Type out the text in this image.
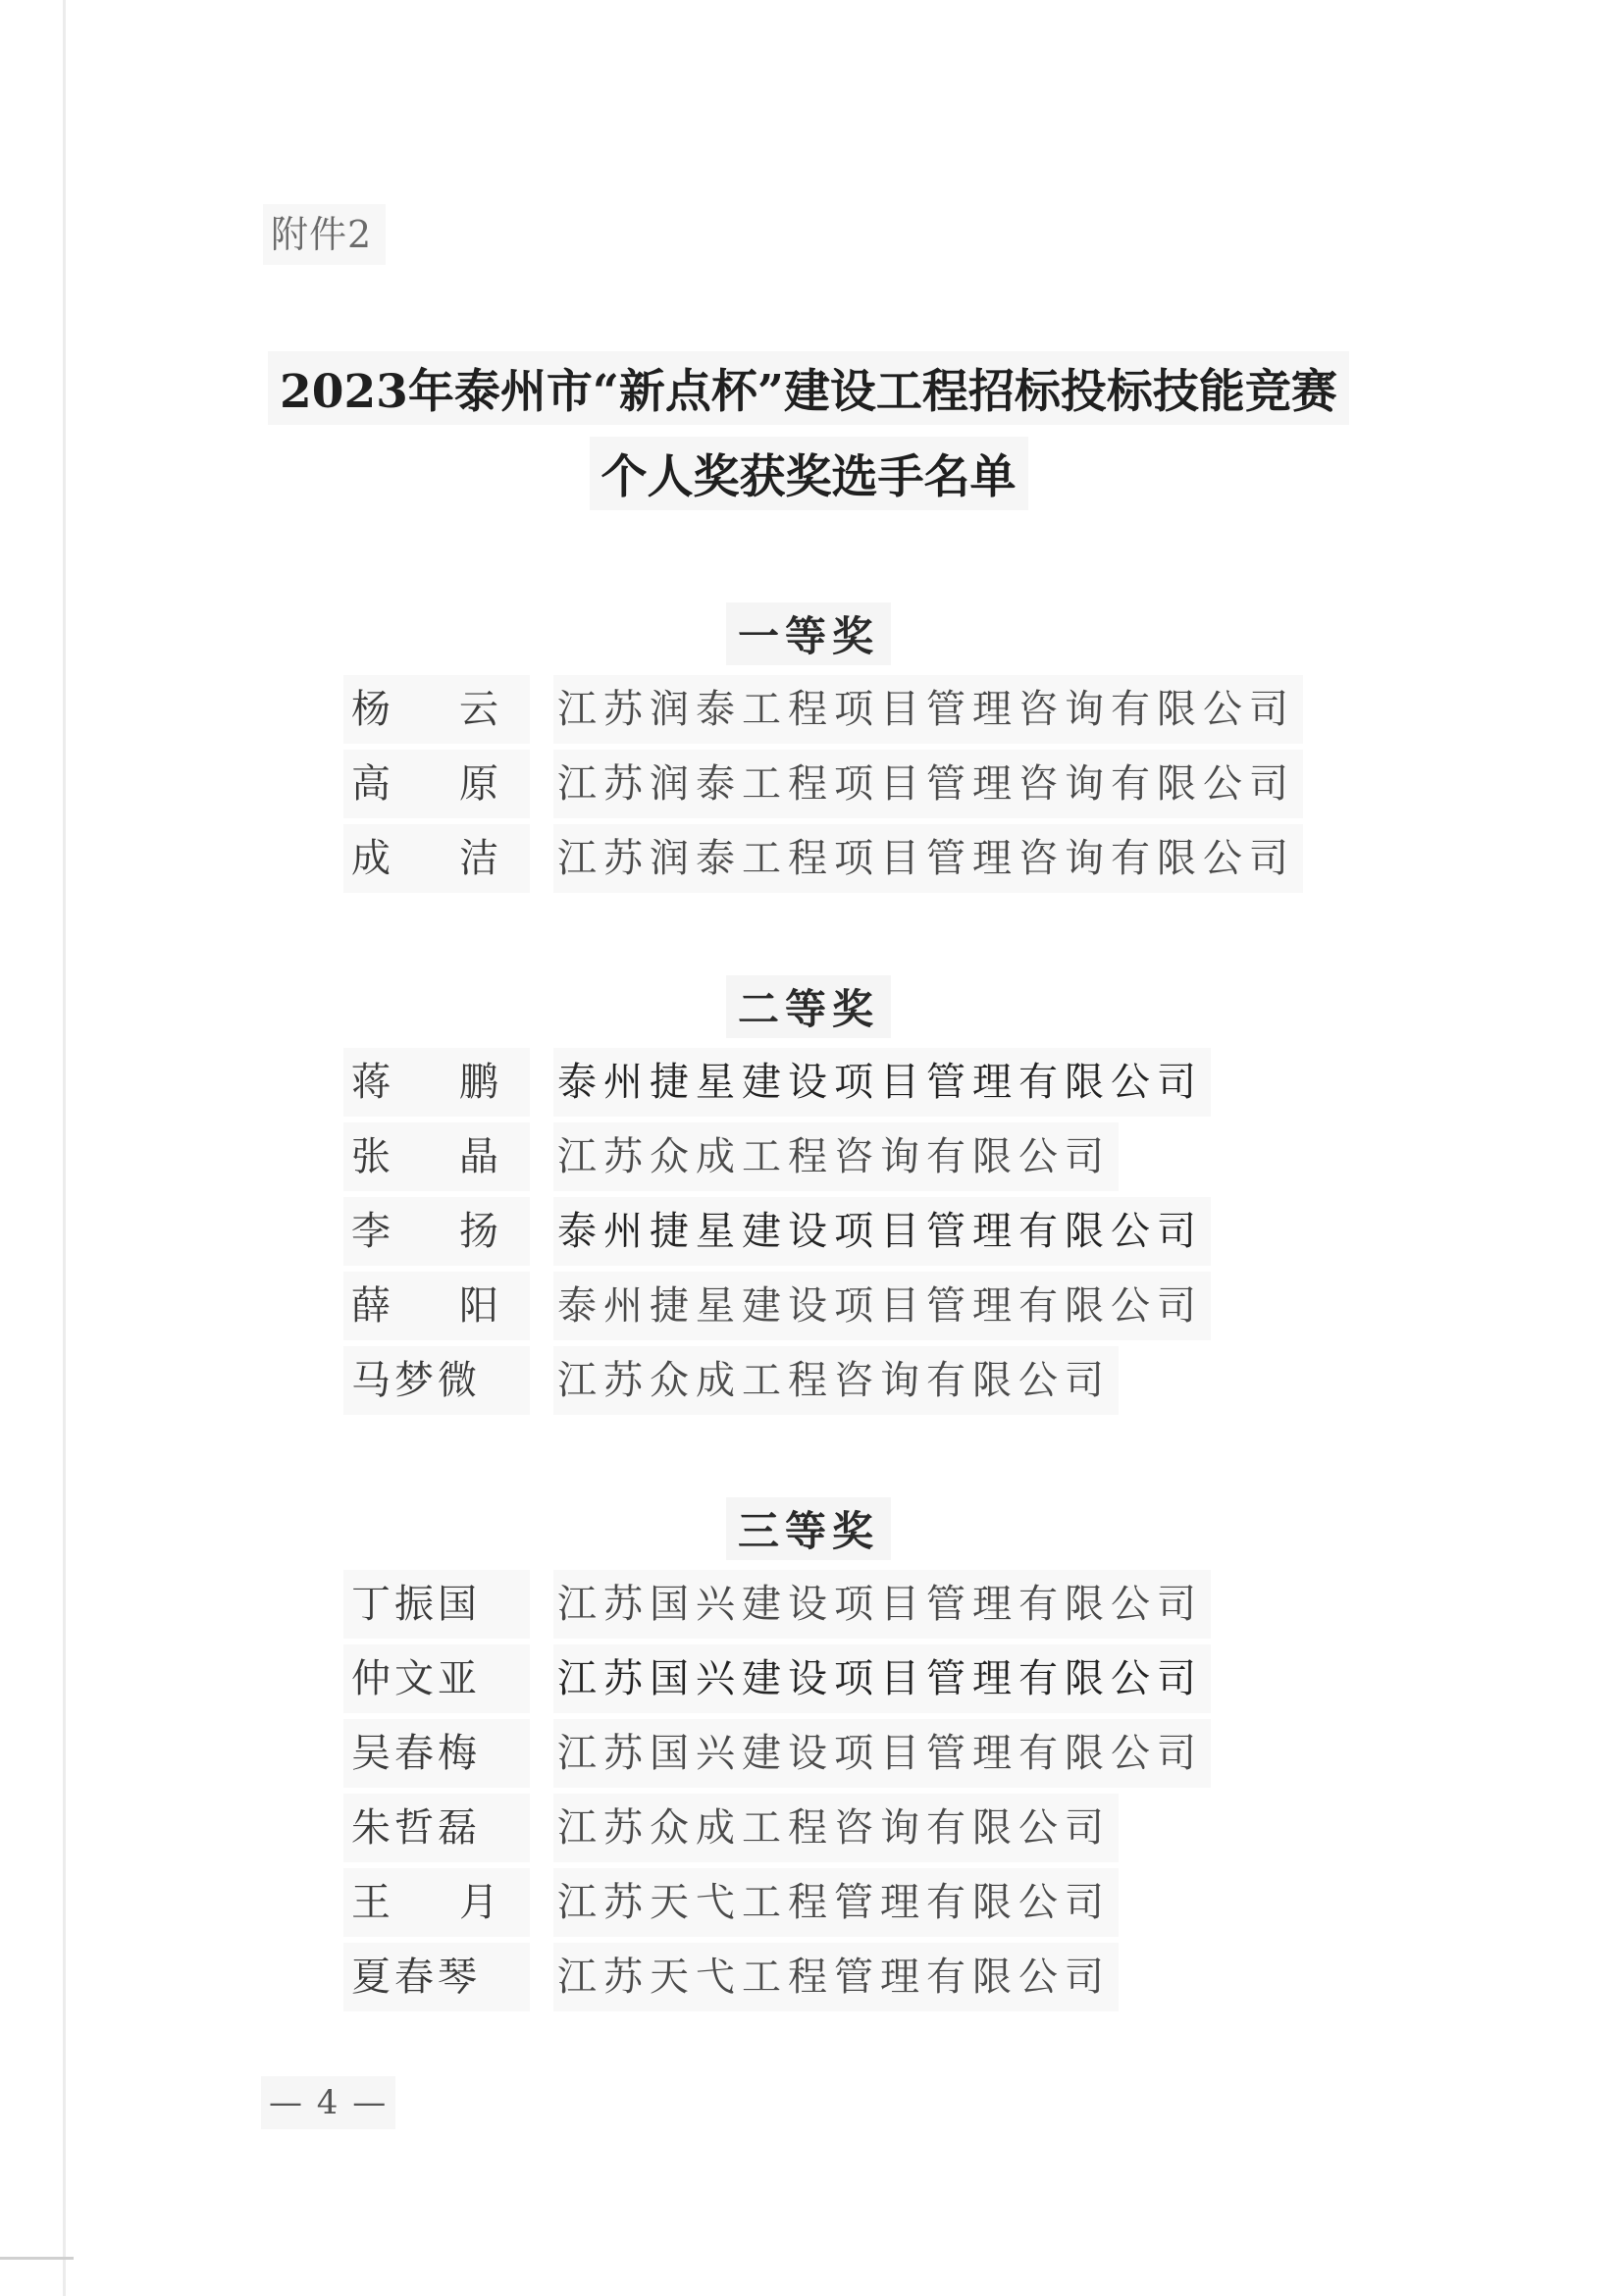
附件2
2023年泰州市“新点杯”建设工程招标投标技能竞赛
个人奖获奖选手名单
一等奖
杨 云 江苏润泰工程项目管理咨询有限公司
高 原 江苏润泰工程项目管理咨询有限公司
成 洁 江苏润泰工程项目管理咨询有限公司
二等奖
蒋 鹏 泰州捷星建设项目管理有限公司
张 晶 江苏众成工程咨询有限公司
李 扬 泰州捷星建设项目管理有限公司
薛 阳 泰州捷星建设项目管理有限公司
马梦微	江苏众成工程咨询有限公司
三等奖
丁振国	江苏国兴建设项目管理有限公司
仲文亚	江苏国兴建设项目管理有限公司
吴春梅	江苏国兴建设项目管理有限公司
朱哲磊	江苏众成工程咨询有限公司
王 月 江苏天弋工程管理有限公司
夏春琴	江苏天弋工程管理有限公司
— 4 —
